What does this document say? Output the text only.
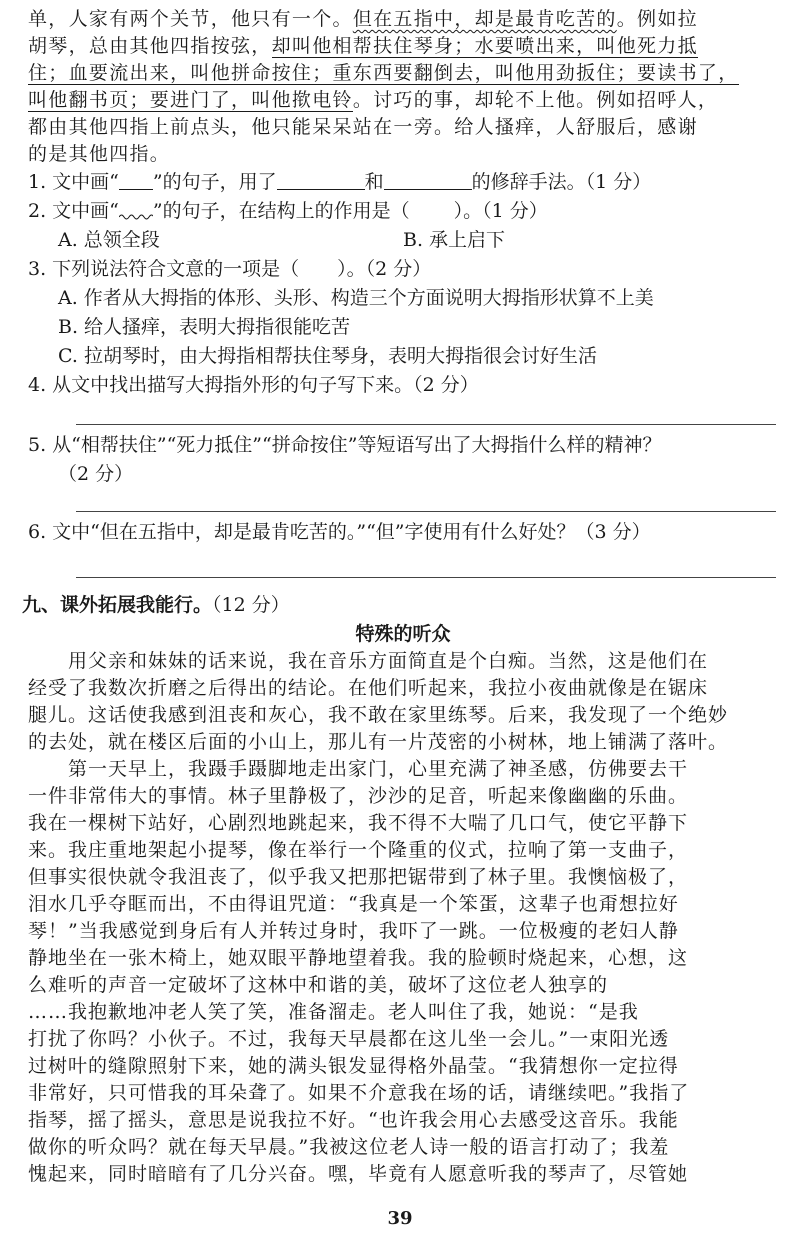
单，人家有两个关节，他只有一个。但在五指中，却是最肯吃苦的。例如拉
胡琴，总由其他四指按弦，却叫他相帮扶住琴身；水要喷出来，叫他死力抵
住；血要流出来，叫他拼命按住；重东西要翻倒去，叫他用劲扳住；要读书了，
叫他翻书页；要进门了，叫他揿电铃。讨巧的事，却轮不上他。例如招呼人，
都由其他四指上前点头，他只能呆呆站在一旁。给人搔痒，人舒服后，感谢
的是其他四指。
1. 文中画“ ”的句子，用了	和	的修辞手法。（1 分）
2. 文中画“ ”的句子，在结构上的作用是（ ）。（1 分）
A. 总领全段	B. 承上启下
3. 下列说法符合文意的一项是（　　）。（2 分）
A. 作者从大拇指的体形、头形、构造三个方面说明大拇指形状算不上美
B. 给人搔痒，表明大拇指很能吃苦
C. 拉胡琴时，由大拇指相帮扶住琴身，表明大拇指很会讨好生活
4. 从文中找出描写大拇指外形的句子写下来。（2 分）
5. 从“相帮扶住”“死力抵住”“拼命按住”等短语写出了大拇指什么样的精神？
（2 分）
6. 文中“但在五指中，却是最肯吃苦的。”“但”字使用有什么好处？（3 分）
九、课外拓展我能行。（12 分）
特殊的听众
　　用父亲和妹妹的话来说，我在音乐方面简直是个白痴。当然，这是他们在
经受了我数次折磨之后得出的结论。在他们听起来，我拉小夜曲就像是在锯床
腿儿。这话使我感到沮丧和灰心，我不敢在家里练琴。后来，我发现了一个绝妙
的去处，就在楼区后面的小山上，那儿有一片茂密的小树林，地上铺满了落叶。
　　第一天早上，我蹑手蹑脚地走出家门，心里充满了神圣感，仿佛要去干
一件非常伟大的事情。林子里静极了，沙沙的足音，听起来像幽幽的乐曲。
我在一棵树下站好，心剧烈地跳起来，我不得不大喘了几口气，使它平静下
来。我庄重地架起小提琴，像在举行一个隆重的仪式，拉响了第一支曲子，
但事实很快就令我沮丧了，似乎我又把那把锯带到了林子里。我懊恼极了，
泪水几乎夺眶而出，不由得诅咒道：“我真是一个笨蛋，这辈子也甭想拉好
琴！”当我感觉到身后有人并转过身时，我吓了一跳。一位极瘦的老妇人静
静地坐在一张木椅上，她双眼平静地望着我。我的脸顿时烧起来，心想，这
么难听的声音一定破坏了这林中和谐的美，破坏了这位老人独享的
……我抱歉地冲老人笑了笑，准备溜走。老人叫住了我，她说：“是我
打扰了你吗？小伙子。不过，我每天早晨都在这儿坐一会儿。”一束阳光透
过树叶的缝隙照射下来，她的满头银发显得格外晶莹。“我猜想你一定拉得
非常好，只可惜我的耳朵聋了。如果不介意我在场的话，请继续吧。”我指了
指琴，摇了摇头，意思是说我拉不好。“也许我会用心去感受这音乐。我能
做你的听众吗？就在每天早晨。”我被这位老人诗一般的语言打动了；我羞
愧起来，同时暗暗有了几分兴奋。嘿，毕竟有人愿意听我的琴声了，尽管她
39
